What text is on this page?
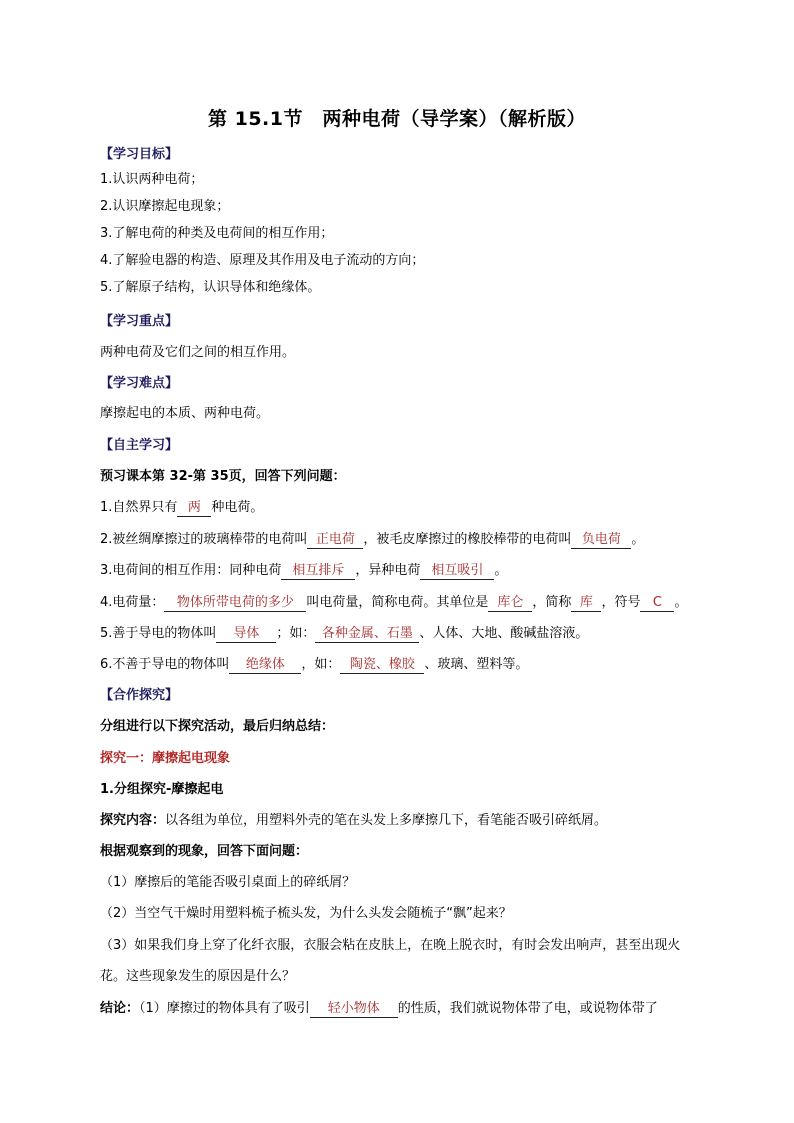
第 15.1节　两种电荷（导学案）（解析版）
【学习目标】
1.认识两种电荷；
2.认识摩擦起电现象；
3.了解电荷的种类及电荷间的相互作用；
4.了解验电器的构造、原理及其作用及电子流动的方向；
5.了解原子结构，认识导体和绝缘体。
【学习重点】
两种电荷及它们之间的相互作用。
【学习难点】
摩擦起电的本质、两种电荷。
【自主学习】
预习课本第 32-第 35页，回答下列问题：
1.自然界只有 两 种电荷。
2.被丝绸摩擦过的玻璃棒带的电荷叫 正电荷 ，被毛皮摩擦过的橡胶棒带的电荷叫 负电荷 。
3.电荷间的相互作用：同种电荷 相互排斥 ，异种电荷 相互吸引 。
4.电荷量： 物体所带电荷的多少 叫电荷量，简称电荷。其单位是 库仑 ，简称 库 ，符号 C 。
5.善于导电的物体叫 导体 ；如： 各种金属、石墨 、人体、大地、酸碱盐溶液。
6.不善于导电的物体叫 绝缘体 ，如： 陶瓷、橡胶 、玻璃、塑料等。
【合作探究】
分组进行以下探究活动，最后归纳总结：
探究一：摩擦起电现象
1.分组探究-摩擦起电
探究内容：以各组为单位，用塑料外壳的笔在头发上多摩擦几下，看笔能否吸引碎纸屑。
根据观察到的现象，回答下面问题：
（1）摩擦后的笔能否吸引桌面上的碎纸屑？
（2）当空气干燥时用塑料梳子梳头发，为什么头发会随梳子“飘”起来？
（3）如果我们身上穿了化纤衣服，衣服会粘在皮肤上，在晚上脱衣时，有时会发出响声，甚至出现火
花。这些现象发生的原因是什么？
结论：（1）摩擦过的物体具有了吸引 轻小物体 的性质，我们就说物体带了电，或说物体带了
